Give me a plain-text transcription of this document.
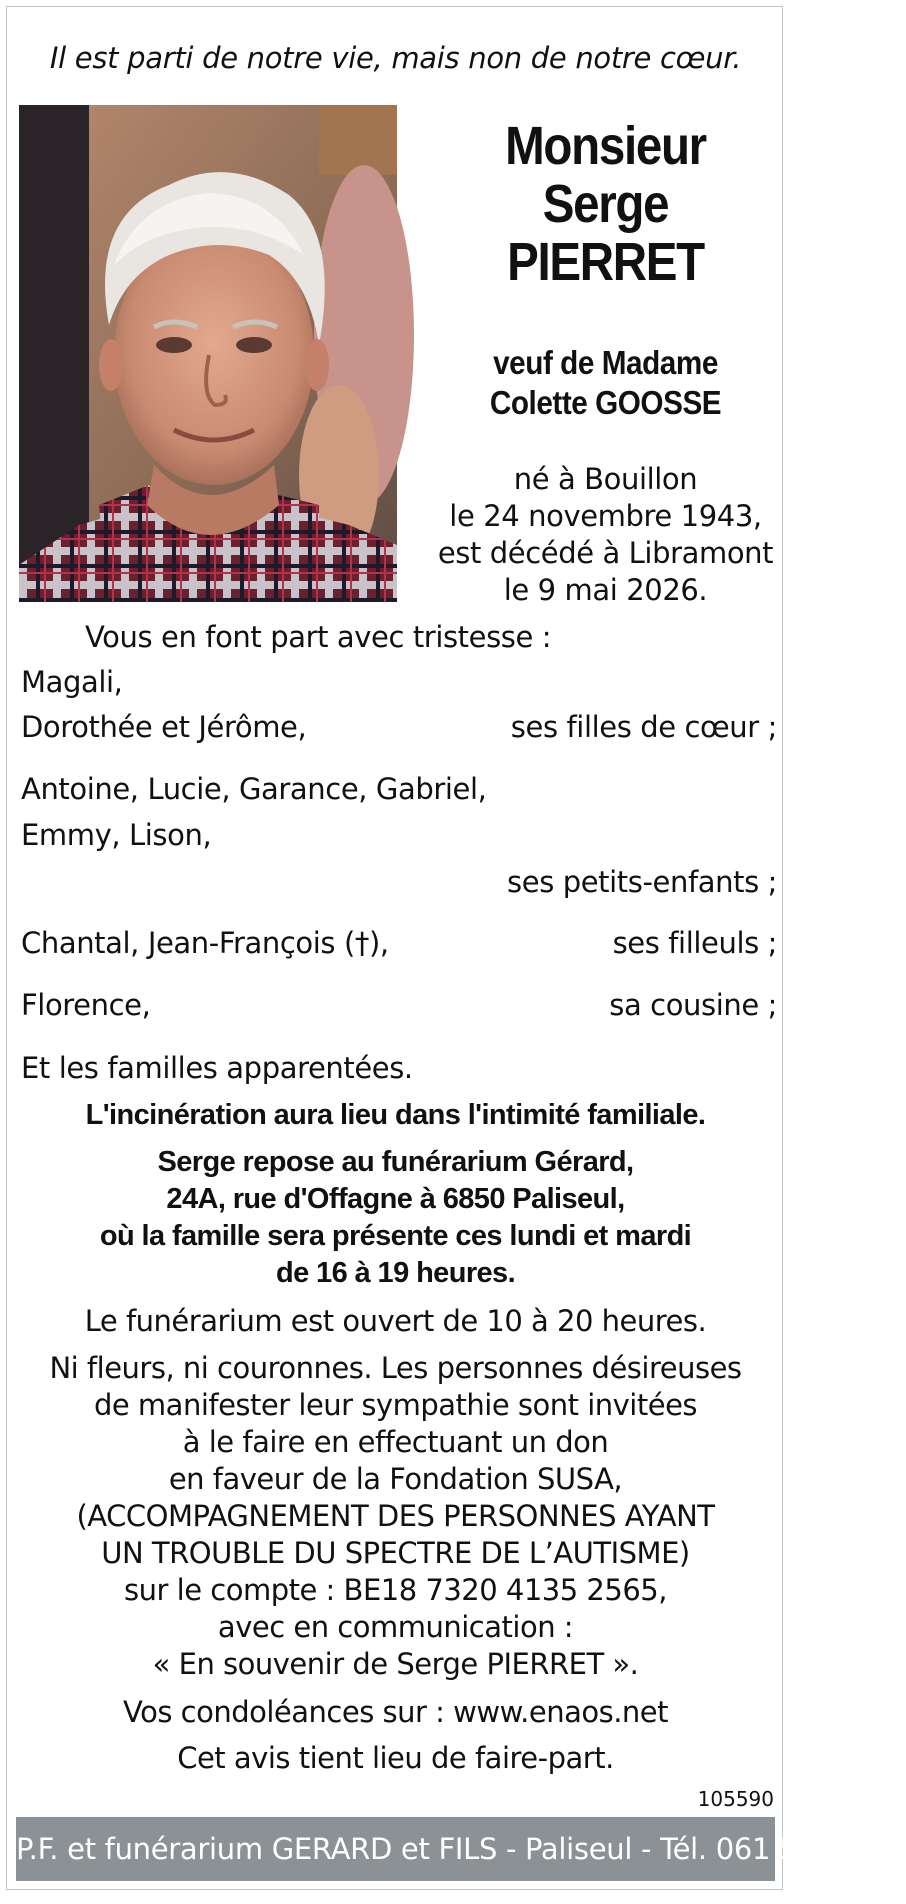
Il est parti de notre vie, mais non de notre cœur.
Monsieur
Serge
PIERRET
veuf de Madame
Colette GOOSSE
né à Bouillon
le 24 novembre 1943,
est décédé à Libramont
le 9 mai 2026.
Vous en font part avec tristesse :
Magali,
Dorothée et Jérôme,	ses filles de cœur ;
Antoine, Lucie, Garance, Gabriel,
Emmy, Lison,
ses petits-enfants ;
Chantal, Jean-François (†),	ses filleuls ;
Florence,	sa cousine ;
Et les familles apparentées.
L'incinération aura lieu dans l'intimité familiale.
Serge repose au funérarium Gérard,
24A, rue d'Offagne à 6850 Paliseul,
où la famille sera présente ces lundi et mardi
de 16 à 19 heures.
Le funérarium est ouvert de 10 à 20 heures.
Ni fleurs, ni couronnes. Les personnes désireuses
de manifester leur sympathie sont invitées
à le faire en effectuant un don
en faveur de la Fondation SUSA,
(ACCOMPAGNEMENT DES PERSONNES AYANT
UN TROUBLE DU SPECTRE DE L’AUTISME)
sur le compte : BE18 7320 4135 2565,
avec en communication :
« En souvenir de Serge PIERRET ».
Vos condoléances sur : www.enaos.net
Cet avis tient lieu de faire-part.
105590
P.F. et funérarium GERARD et FILS - Paliseul - Tél. 061 53 32 84
